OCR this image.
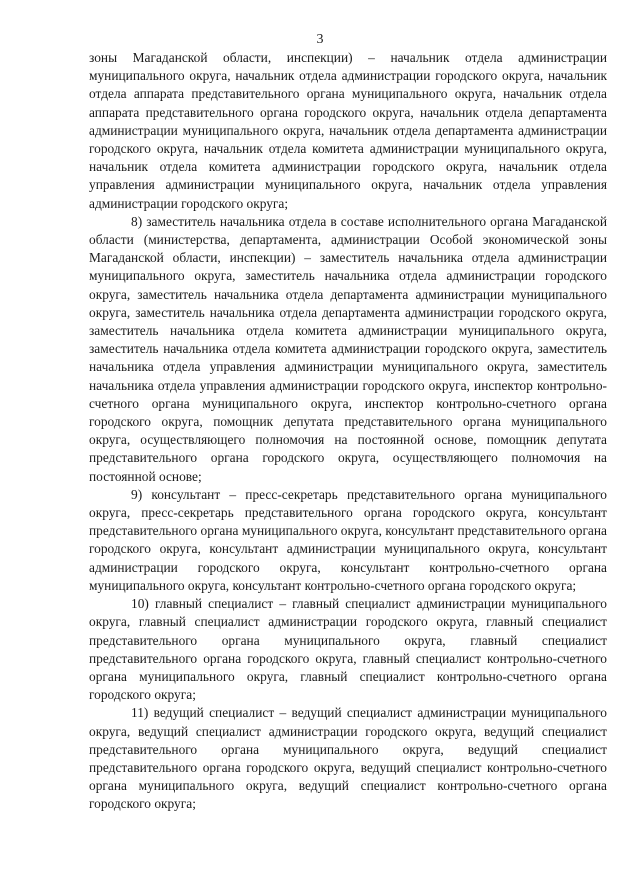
3

зоны Магаданской области, инспекции) – начальник отдела администрации муниципального округа, начальник отдела администрации городского округа, начальник отдела аппарата представительного органа муниципального округа, начальник отдела аппарата представительного органа городского округа, начальник отдела департамента администрации муниципального округа, начальник отдела департамента администрации городского округа, начальник отдела комитета администрации муниципального округа, начальник отдела комитета администрации городского округа, начальник отдела управления администрации муниципального округа, начальник отдела управления администрации городского округа;

8) заместитель начальника отдела в составе исполнительного органа Магаданской области (министерства, департамента, администрации Особой экономической зоны Магаданской области, инспекции) – заместитель начальника отдела администрации муниципального округа, заместитель начальника отдела администрации городского округа, заместитель начальника отдела департамента администрации муниципального округа, заместитель начальника отдела департамента администрации городского округа, заместитель начальника отдела комитета администрации муниципального округа, заместитель начальника отдела комитета администрации городского округа, заместитель начальника отдела управления администрации муниципального округа, заместитель начальника отдела управления администрации городского округа, инспектор контрольно-счетного органа муниципального округа, инспектор контрольно-счетного органа городского округа, помощник депутата представительного органа муниципального округа, осуществляющего полномочия на постоянной основе, помощник депутата представительного органа городского округа, осуществляющего полномочия на постоянной основе;

9) консультант – пресс-секретарь представительного органа муниципального округа, пресс-секретарь представительного органа городского округа, консультант представительного органа муниципального округа, консультант представительного органа городского округа, консультант администрации муниципального округа, консультант администрации городского округа, консультант контрольно-счетного органа муниципального округа, консультант контрольно-счетного органа городского округа;

10) главный специалист – главный специалист администрации муниципального округа, главный специалист администрации городского округа, главный специалист представительного органа муниципального округа, главный специалист представительного органа городского округа, главный специалист контрольно-счетного органа муниципального округа, главный специалист контрольно-счетного органа городского округа;

11) ведущий специалист – ведущий специалист администрации муниципального округа, ведущий специалист администрации городского округа, ведущий специалист представительного органа муниципального округа, ведущий специалист представительного органа городского округа, ведущий специалист контрольно-счетного органа муниципального округа, ведущий специалист контрольно-счетного органа городского округа;
